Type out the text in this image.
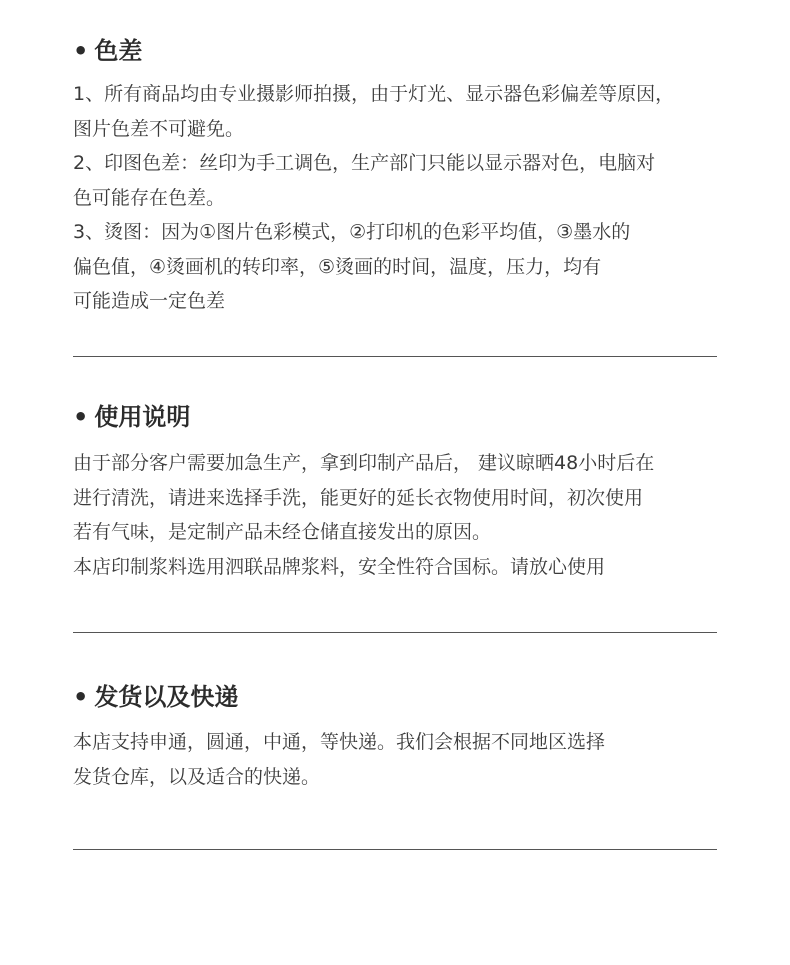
• 色差
1、所有商品均由专业摄影师拍摄，由于灯光、显示器色彩偏差等原因，
图片色差不可避免。
2、印图色差：丝印为手工调色，生产部门只能以显示器对色，电脑对
色可能存在色差。
3、烫图：因为①图片色彩模式，②打印机的色彩平均值，③墨水的
偏色值，④烫画机的转印率，⑤烫画的时间，温度，压力，均有
可能造成一定色差
• 使用说明
由于部分客户需要加急生产，拿到印制产品后， 建议晾晒48小时后在
进行清洗，请进来选择手洗，能更好的延长衣物使用时间，初次使用
若有气味，是定制产品未经仓储直接发出的原因。
本店印制浆料选用泗联品牌浆料，安全性符合国标。请放心使用
• 发货以及快递
本店支持申通，圆通，中通，等快递。我们会根据不同地区选择
发货仓库，以及适合的快递。
